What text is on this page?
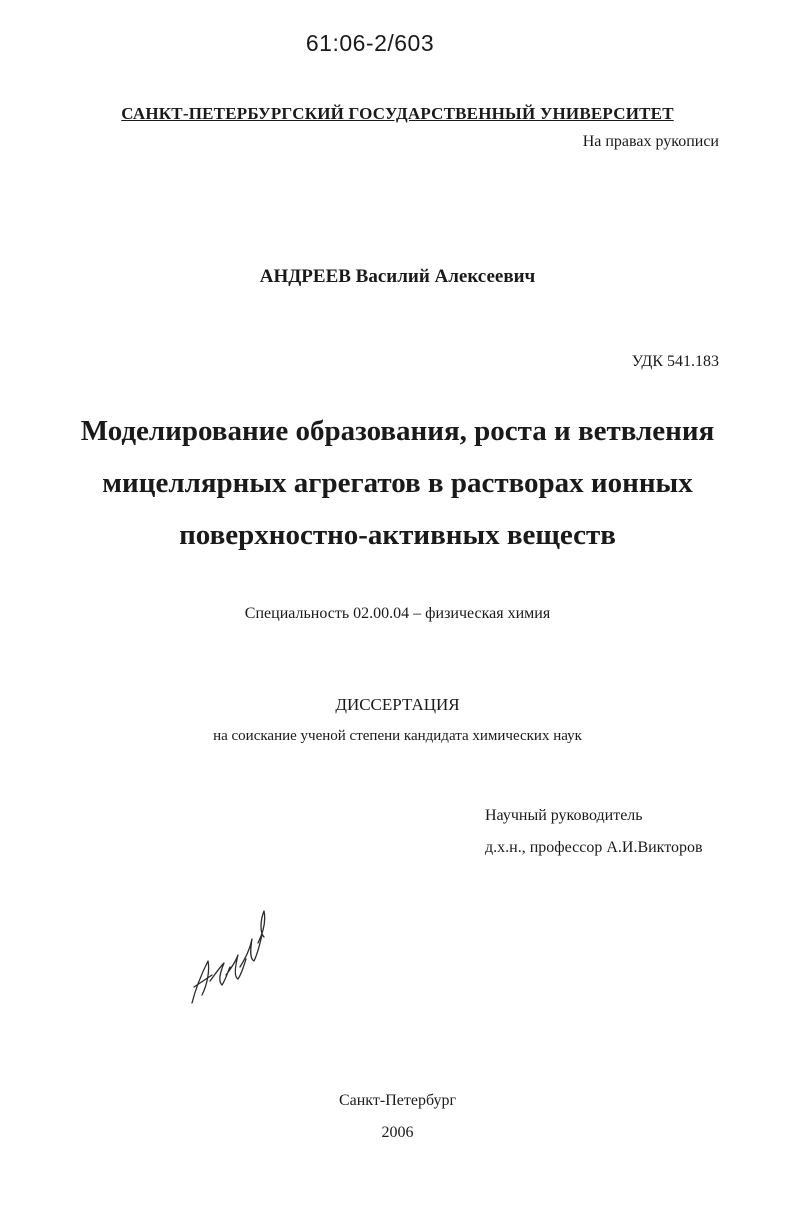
61:06-2/603
САНКТ-ПЕТЕРБУРГСКИЙ ГОСУДАРСТВЕННЫЙ УНИВЕРСИТЕТ
На правах рукописи
АНДРЕЕВ Василий Алексеевич
УДК 541.183
Моделирование образования, роста и ветвления
мицеллярных агрегатов в растворах ионных
поверхностно-активных веществ
Специальность 02.00.04 – физическая химия
ДИССЕРТАЦИЯ
на соискание ученой степени кандидата химических наук
Научный руководитель
д.х.н., профессор А.И.Викторов
Санкт-Петербург
2006
